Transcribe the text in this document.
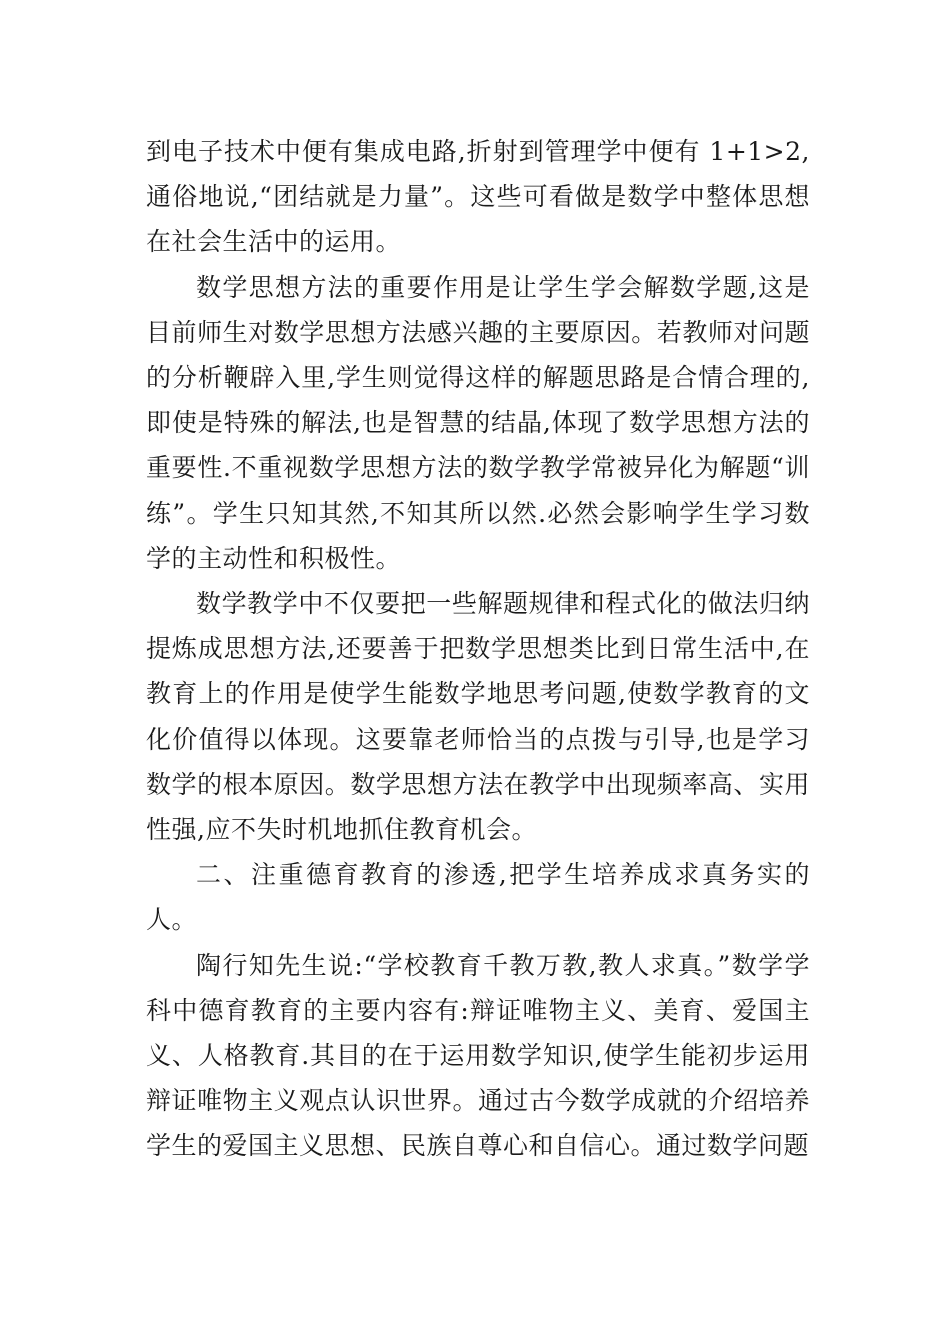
到电子技术中便有集成电路,折射到管理学中便有 1+1>2,通俗地说,“团结就是力量”。这些可看做是数学中整体思想在社会生活中的运用。

数学思想方法的重要作用是让学生学会解数学题,这是目前师生对数学思想方法感兴趣的主要原因。若教师对问题的分析鞭辟入里,学生则觉得这样的解题思路是合情合理的,即使是特殊的解法,也是智慧的结晶,体现了数学思想方法的重要性.不重视数学思想方法的数学教学常被异化为解题“训练”。学生只知其然,不知其所以然.必然会影响学生学习数学的主动性和积极性。

数学教学中不仅要把一些解题规律和程式化的做法归纳提炼成思想方法,还要善于把数学思想类比到日常生活中,在教育上的作用是使学生能数学地思考问题,使数学教育的文化价值得以体现。这要靠老师恰当的点拨与引导,也是学习数学的根本原因。数学思想方法在教学中出现频率高、实用性强,应不失时机地抓住教育机会。

二、注重德育教育的渗透,把学生培养成求真务实的人。

陶行知先生说:“学校教育千教万教,教人求真。”数学学科中德育教育的主要内容有:辩证唯物主义、美育、爱国主义、人格教育.其目的在于运用数学知识,使学生能初步运用辩证唯物主义观点认识世界。通过古今数学成就的介绍培养学生的爱国主义思想、民族自尊心和自信心。通过数学问题
